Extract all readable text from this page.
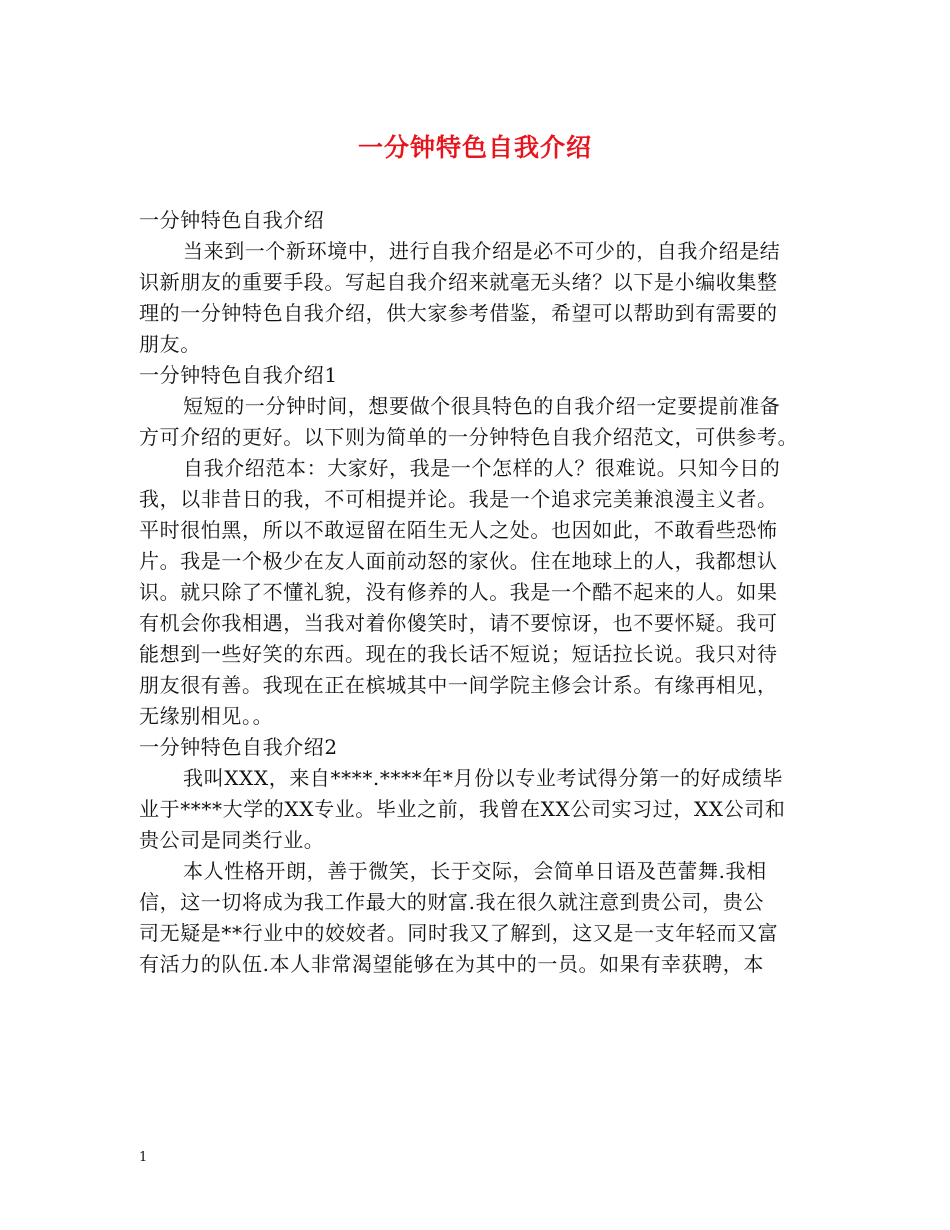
一分钟特色自我介绍
一分钟特色自我介绍
当来到一个新环境中，进行自我介绍是必不可少的，自我介绍是结
识新朋友的重要手段。写起自我介绍来就毫无头绪？以下是小编收集整
理的一分钟特色自我介绍，供大家参考借鉴，希望可以帮助到有需要的
朋友。
一分钟特色自我介绍1
短短的一分钟时间，想要做个很具特色的自我介绍一定要提前准备
方可介绍的更好。以下则为简单的一分钟特色自我介绍范文，可供参考。
自我介绍范本：大家好，我是一个怎样的人？很难说。只知今日的
我，以非昔日的我，不可相提并论。我是一个追求完美兼浪漫主义者。
平时很怕黑，所以不敢逗留在陌生无人之处。也因如此，不敢看些恐怖
片。我是一个极少在友人面前动怒的家伙。住在地球上的人，我都想认
识。就只除了不懂礼貌，没有修养的人。我是一个酷不起来的人。如果
有机会你我相遇，当我对着你傻笑时，请不要惊讶，也不要怀疑。我可
能想到一些好笑的东西。现在的我长话不短说；短话拉长说。我只对待
朋友很有善。我现在正在槟城其中一间学院主修会计系。有缘再相见，
无缘别相见。。
一分钟特色自我介绍2
我叫XXX，来自****.****年*月份以专业考试得分第一的好成绩毕
业于****大学的XX专业。毕业之前，我曾在XX公司实习过，XX公司和
贵公司是同类行业。
本人性格开朗，善于微笑，长于交际，会简单日语及芭蕾舞.我相
信，这一切将成为我工作最大的财富.我在很久就注意到贵公司，贵公
司无疑是**行业中的姣姣者。同时我又了解到，这又是一支年轻而又富
有活力的队伍.本人非常渴望能够在为其中的一员。如果有幸获聘，本
1
